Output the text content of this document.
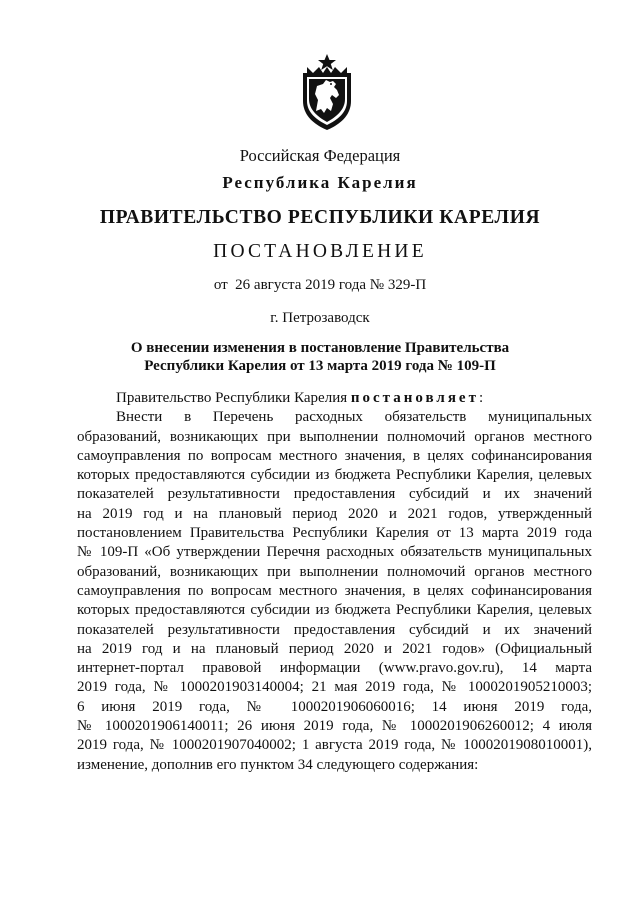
Российская Федерация
Республика Карелия
ПРАВИТЕЛЬСТВО РЕСПУБЛИКИ КАРЕЛИЯ
ПОСТАНОВЛЕНИЕ
от  26 августа 2019 года № 329-П
г. Петрозаводск
О внесении изменения в постановление Правительства
Республики Карелия от 13 марта 2019 года № 109-П
Правительство Республики Карелия постановляет:
Внести в Перечень расходных обязательств муниципальных
образований, возникающих при выполнении полномочий органов местного
самоуправления по вопросам местного значения, в целях софинансирования
которых предоставляются субсидии из бюджета Республики Карелия, целевых
показателей результативности предоставления субсидий и их значений
на 2019 год и на плановый период 2020 и 2021 годов, утвержденный
постановлением Правительства Республики Карелия от 13 марта 2019 года
№ 109-П «Об утверждении Перечня расходных обязательств муниципальных
образований, возникающих при выполнении полномочий органов местного
самоуправления по вопросам местного значения, в целях софинансирования
которых предоставляются субсидии из бюджета Республики Карелия, целевых
показателей результативности предоставления субсидий и их значений
на 2019 год и на плановый период 2020 и 2021 годов» (Официальный
интернет-портал правовой информации (www.pravo.gov.ru), 14 марта
2019 года, № 1000201903140004; 21 мая 2019 года, № 1000201905210003;
6 июня 2019 года, № 1000201906060016; 14 июня 2019 года,
№ 1000201906140011; 26 июня 2019 года, № 1000201906260012; 4 июля
2019 года, № 1000201907040002; 1 августа 2019 года, № 1000201908010001),
изменение, дополнив его пунктом 34 следующего содержания:
